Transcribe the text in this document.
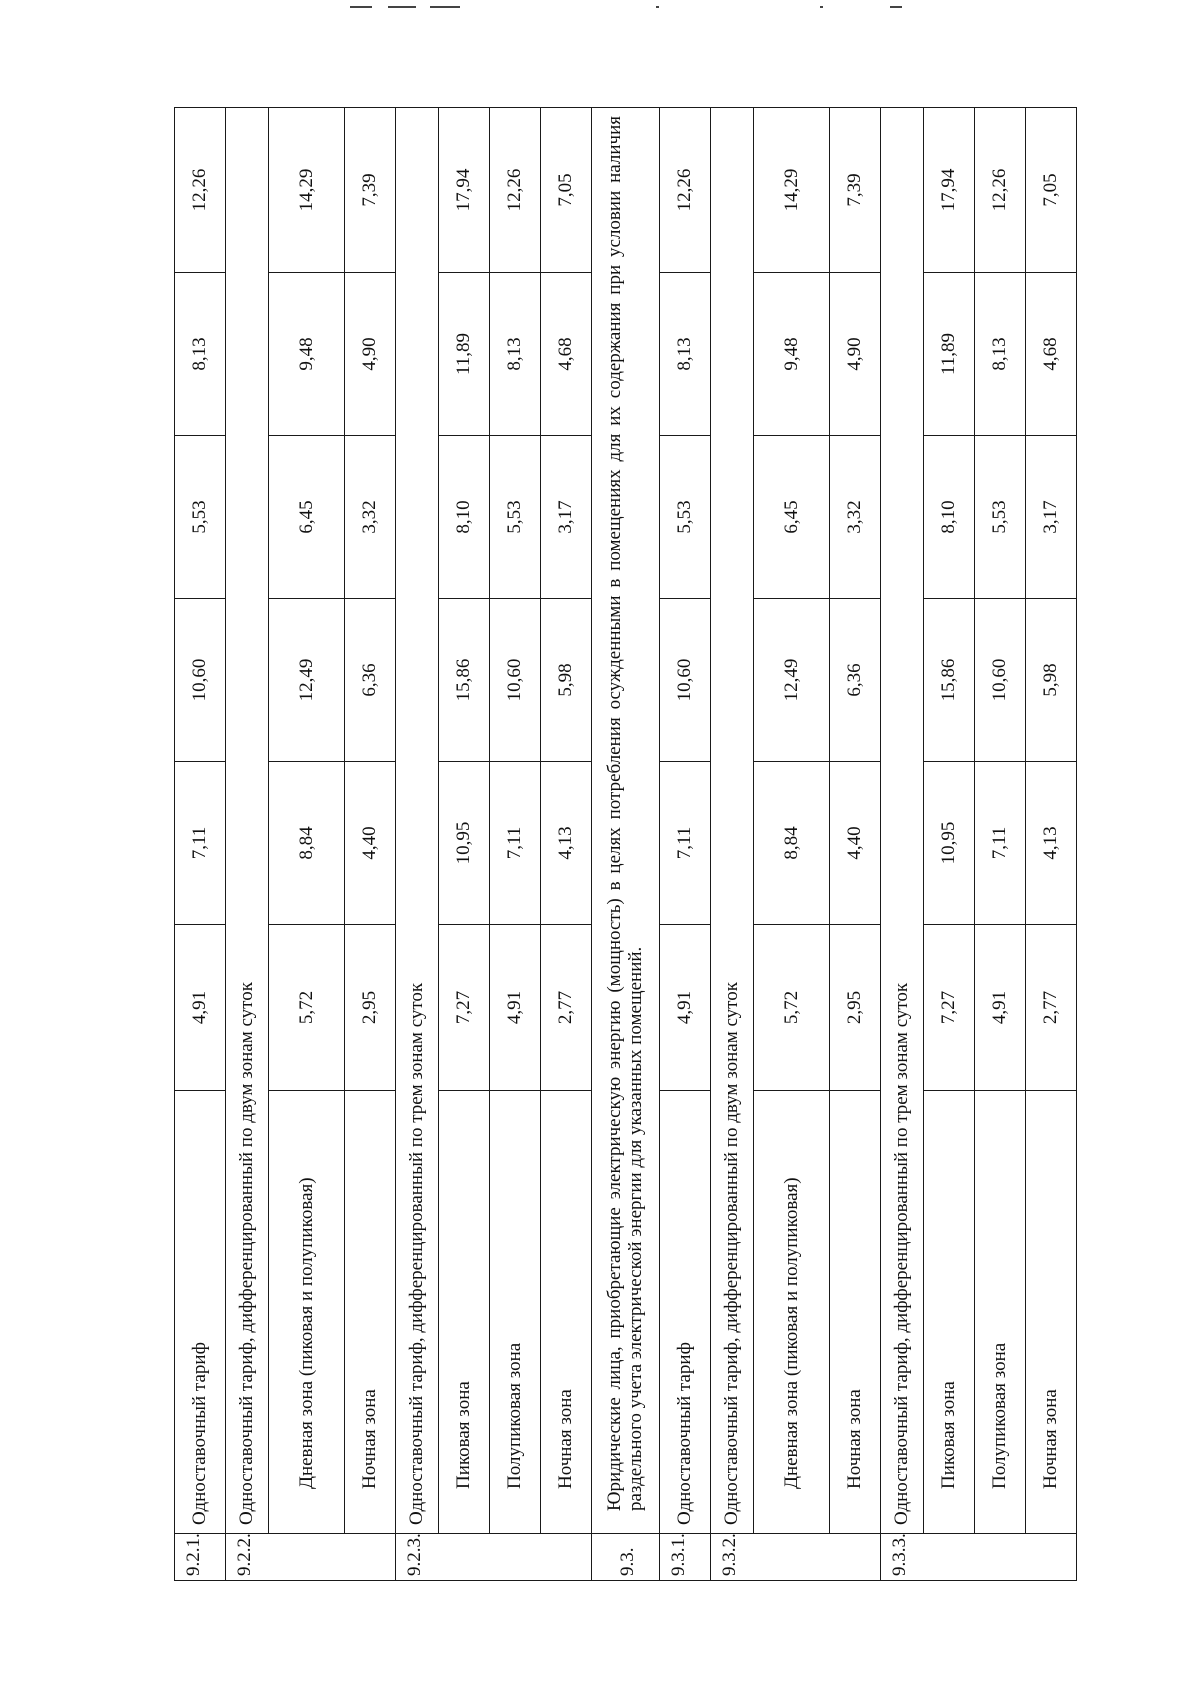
9.2.1.	Одноставочный тариф	4,91	7,11	10,60	5,53	8,13	12,26
9.2.2.	Одноставочный тариф, дифференцированный по двум зонам суток						
	Дневная зона (пиковая и полупиковая)	5,72	8,84	12,49	6,45	9,48	14,29
	Ночная зона	2,95	4,40	6,36	3,32	4,90	7,39
9.2.3.	Одноставочный тариф, дифференцированный по трем зонам суток						
	Пиковая зона	7,27	10,95	15,86	8,10	11,89	17,94
	Полупиковая зона	4,91	7,11	10,60	5,53	8,13	12,26
	Ночная зона	2,77	4,13	5,98	3,17	4,68	7,05
9.3.	Юридические лица, приобретающие электрическую энергию (мощность) в целях потребления осужденными в помещениях для их содержания при условии наличия раздельного учета электрической энергии для указанных помещений.						
9.3.1.	Одноставочный тариф	4,91	7,11	10,60	5,53	8,13	12,26
9.3.2.	Одноставочный тариф, дифференцированный по двум зонам суток						
	Дневная зона (пиковая и полупиковая)	5,72	8,84	12,49	6,45	9,48	14,29
	Ночная зона	2,95	4,40	6,36	3,32	4,90	7,39
9.3.3.	Одноставочный тариф, дифференцированный по трем зонам суток						
	Пиковая зона	7,27	10,95	15,86	8,10	11,89	17,94
	Полупиковая зона	4,91	7,11	10,60	5,53	8,13	12,26
	Ночная зона	2,77	4,13	5,98	3,17	4,68	7,05
